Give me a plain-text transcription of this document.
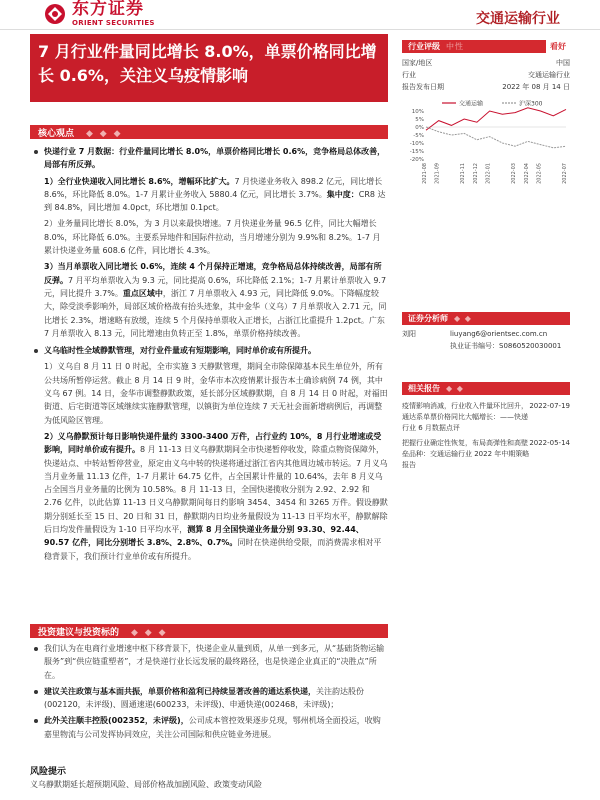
东方证券
ORIENT SECURITIES	交通运输行业
7 月行业件量同比增长 8.0%，单票价格同比增长 0.6%，关注义乌疫情影响
核心观点 ◆ ◆ ◆
快递行业 7 月数据：行业件量同比增长 8.0%，单票价格同比增长 0.6%，竞争格局总体改善，局部有所反弹。
1）全行业快递收入同比增长 8.6%，增幅环比扩大。7 月快递业务收入 898.2 亿元，同比增长 8.6%，环比降低 8.0%。1-7 月累计业务收入 5880.4 亿元，同比增长 3.7%。集中度：CR8 达到 84.8%，同比增加 4.0pct，环比增加 0.1pct。
2）业务量同比增长 8.0%，为 3 月以来最快增速。7 月快递业务量 96.5 亿件，同比大幅增长 8.0%，环比降低 6.0%。主要系异地件和国际件拉动，当月增速分别为 9.9%和 8.2%。1-7 月累计快递业务量 608.6 亿件，同比增长 4.3%。
3）当月单票收入同比增长 0.6%，连续 4 个月保持正增速，竞争格局总体持续改善，局部有所反弹。7 月平均单票收入为 9.3 元，同比提高 0.6%，环比降低 2.1%；1-7 月累计单票收入 9.7 元，同比提升 3.7%。重点区域中，浙江 7 月单票收入 4.93 元，同比降低 9.0%。下降幅度较大，除受淡季影响外，局部区域价格战有抬头迹象，其中金华（义乌）7 月单票收入 2.71 元，同比增长 2.3%，增速略有放缓，连续 5 个月保持单票收入正增长，占浙江比重提升 1.2pct。广东 7 月单票收入 8.13 元，同比增速由负转正至 1.8%，单票价格持续改善。
义乌临时性全域静默管理，对行业件量或有短期影响，同时单价或有所提升。
1）义乌自 8 月 11 日 0 时起，全市实施 3 天静默管理，期间全市除保障基本民生单位外，所有公共场所暂停运营。截止 8 月 14 日 9 时，金华市本次疫情累计报告本土确诊病例 74 例，其中义乌 67 例。14 日，金华市调整静默政策，延长部分区域静默期，自 8 月 14 日 0 时起，对福田街道、后宅街道等区域继续实施静默管理，以镇街为单位连续 7 天无社会面新增病例后，再调整为低风险区管理。
2）义乌静默预计每日影响快递件量约 3300-3400 万件，占行业约 10%，8 月行业增速或受影响，同时单价或有提升。8 月 11-13 日义乌静默期间全市快递暂停收发，除重点物资保障外，快递站点、中转站暂停营业，原定由义乌中转的快递将通过浙江省内其他周边城市转运。7 月义乌当月业务量 11.13 亿件，1-7 月累计 64.75 亿件，占全国累计件量的 10.64%，去年 8 月义乌占全国当月业务量的比例为 10.58%。8 月 11-13 日，全国快递揽收分别为 2.92、2.92 和 2.76 亿件，以此估算 11-13 日义乌静默期间每日约影响 3454、3454 和 3265 万件。假设静默期分别延长至 15 日、20 日和 31 日，静默期内日均业务量假设为 11-13 日平均水平，静默解除后日均发件量假设为 1-10 日平均水平，测算 8 月全国快递业务量分别 93.30、92.44、90.57 亿件，同比分别增长 3.8%、2.8%、0.7%。同时在快递供给受限，而消费需求相对平稳背景下，我们预计行业单价或有所提升。
投资建议与投资标的 ◆ ◆ ◆
我们认为在电商行业增速中枢下移背景下，快递企业从量到质，从单一到多元，从“基础货物运输服务”到“供应链重塑者”，才是快递行业长远发展的最终路径，也是快递企业真正的“决胜点”所在。
建议关注政策与基本面共振，单票价格和盈利已持续显著改善的通达系快递，关注韵达股份(002120，未评级)、圆通速递(600233，未评级)、申通快递(002468，未评级)；
此外关注顺丰控股(002352，未评级)，公司成本管控效果逐步兑现，鄂州机场全面投运，收购嘉里物流与公司发挥协同效应，关注公司国际和供应链业务进展。
风险提示
义乌静默期延长超预期风险、局部价格战加剧风险、政策变动风险
行业评级 中性	看好
国家/地区	中国
行业	交通运输行业
报告发布日期	2022 年 08 月 14 日
交通运输	沪深300
10%
5%
0%
-5%
-10%
-15%
-20%
2021-08 2021-09	2021-11 2021-12 2022-01	2022-03 2022-04 2022-05	2022-07
证券分析师 ◆ ◆
刘阳	liuyang6@orientsec.com.cn
执业证书编号：S0860520030001
相关报告 ◆ ◆
疫情影响消减，行业收入件量环比回升，通达系单票价格同比大幅增长：——快递行业 6 月数据点评
2022-07-19
把握行业确定性恢复，布局高弹性和高壁垒品种：交通运输行业 2022 年中期策略报告
2022-05-14
